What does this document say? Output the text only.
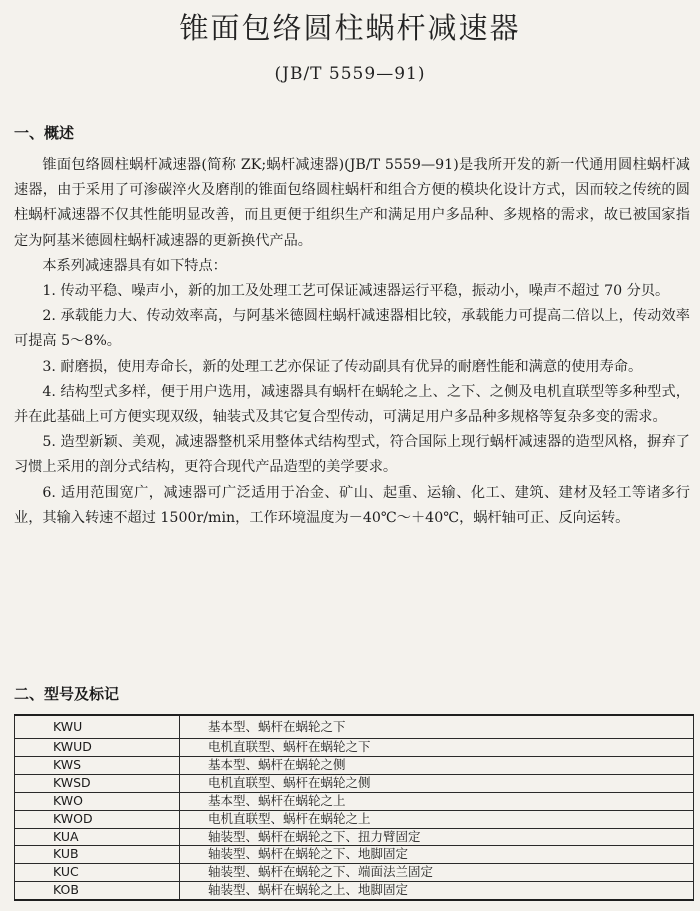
锥面包络圆柱蜗杆减速器
(JB/T 5559—91)
一、概述

锥面包络圆柱蜗杆减速器(简称 ZK;蜗杆减速器)(JB/T 5559—91)是我所开发的新一代通用圆柱蜗杆减速器，由于采用了可渗碳淬火及磨削的锥面包络圆柱蜗杆和组合方便的模块化设计方式，因而较之传统的圆柱蜗杆减速器不仅其性能明显改善，而且更便于组织生产和满足用户多品种、多规格的需求，故已被国家指定为阿基米德圆柱蜗杆减速器的更新换代产品。

本系列减速器具有如下特点：

1. 传动平稳、噪声小，新的加工及处理工艺可保证减速器运行平稳，振动小，噪声不超过 70 分贝。

2. 承载能力大、传动效率高，与阿基米德圆柱蜗杆减速器相比较，承载能力可提高二倍以上，传动效率可提高 5～8%。

3. 耐磨损，使用寿命长，新的处理工艺亦保证了传动副具有优异的耐磨性能和满意的使用寿命。

4. 结构型式多样，便于用户选用，减速器具有蜗杆在蜗轮之上、之下、之侧及电机直联型等多种型式，并在此基础上可方便实现双级，轴装式及其它复合型传动，可满足用户多品种多规格等复杂多变的需求。

5. 造型新颖、美观，减速器整机采用整体式结构型式，符合国际上现行蜗杆减速器的造型风格，摒弃了习惯上采用的剖分式结构，更符合现代产品造型的美学要求。

6. 适用范围宽广，减速器可广泛适用于冶金、矿山、起重、运输、化工、建筑、建材及轻工等诸多行业，其输入转速不超过 1500r/min，工作环境温度为－40℃～＋40℃，蜗杆轴可正、反向运转。

二、型号及标记
KWU	基本型、蜗杆在蜗轮之下
KWUD	电机直联型、蜗杆在蜗轮之下
KWS	基本型、蜗杆在蜗轮之侧
KWSD	电机直联型、蜗杆在蜗轮之侧
KWO	基本型、蜗杆在蜗轮之上
KWOD	电机直联型、蜗杆在蜗轮之上
KUA	轴装型、蜗杆在蜗轮之下、扭力臂固定
KUB	轴装型、蜗杆在蜗轮之下、地脚固定
KUC	轴装型、蜗杆在蜗轮之下、端面法兰固定
KOB	轴装型、蜗杆在蜗轮之上、地脚固定
